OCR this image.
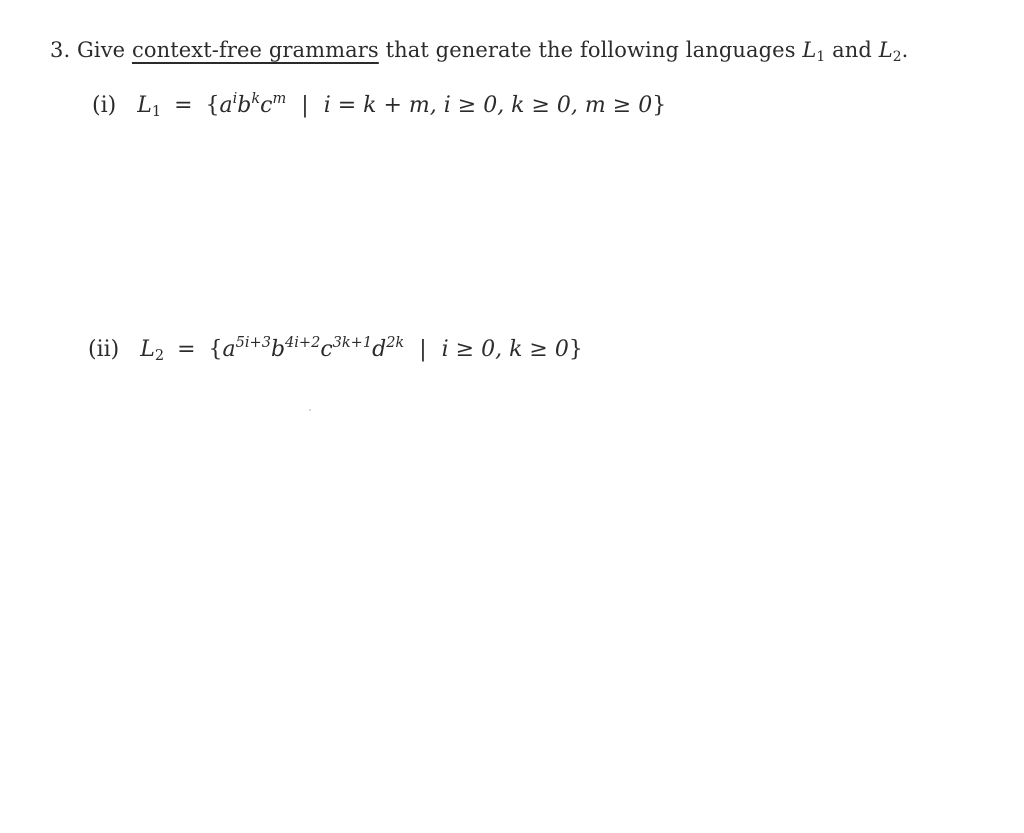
3. Give context-free grammars that generate the following languages $L_1$ and $L_2$.
(i) $L_1 = \{a^ib^kc^m$ | i = k + m, i ≥ 0, k ≥ 0, m ≥ 0}
(ii) $L_2 = \{a^{5i+3}b^{4i+2}c^{3k+1}d^{2k}$ | i ≥ 0, k ≥ 0}
